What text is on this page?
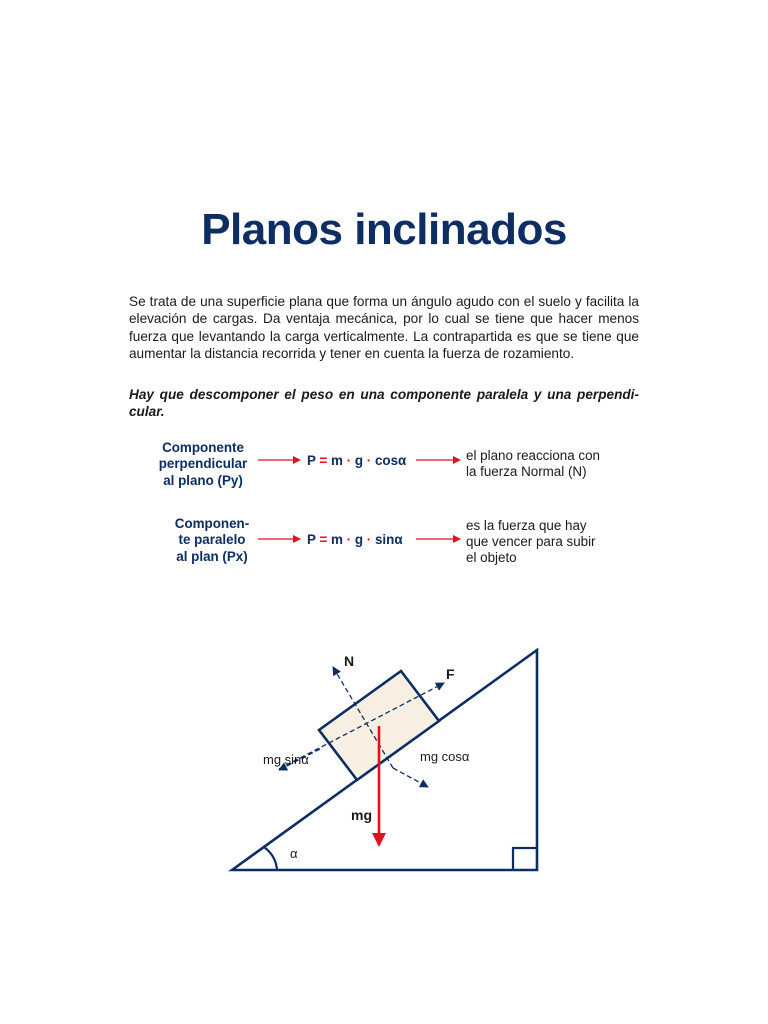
Planos inclinados
Se trata de una superficie plana que forma un ángulo agudo con el suelo y facilita la elevación de cargas. Da ventaja mecánica, por lo cual se tiene que hacer menos fuerza que levantando la carga verticalmente. La contrapartida es que se tiene que aumentar la distancia recorrida y tener en cuenta la fuerza de rozamiento.
Hay que descomponer el peso en una componente paralela y una perpendi-cular.
Componente
perpendicular
al plano (Py)
P = m · g · cosα	el plano reacciona con
la fuerza Normal (N)
Componen-
te paralelo
al plan (Px)
P = m · g · sinα
es la fuerza que hay
que vencer para subir
el objeto
N
F
mg sinα	mg cosα
mg
α
